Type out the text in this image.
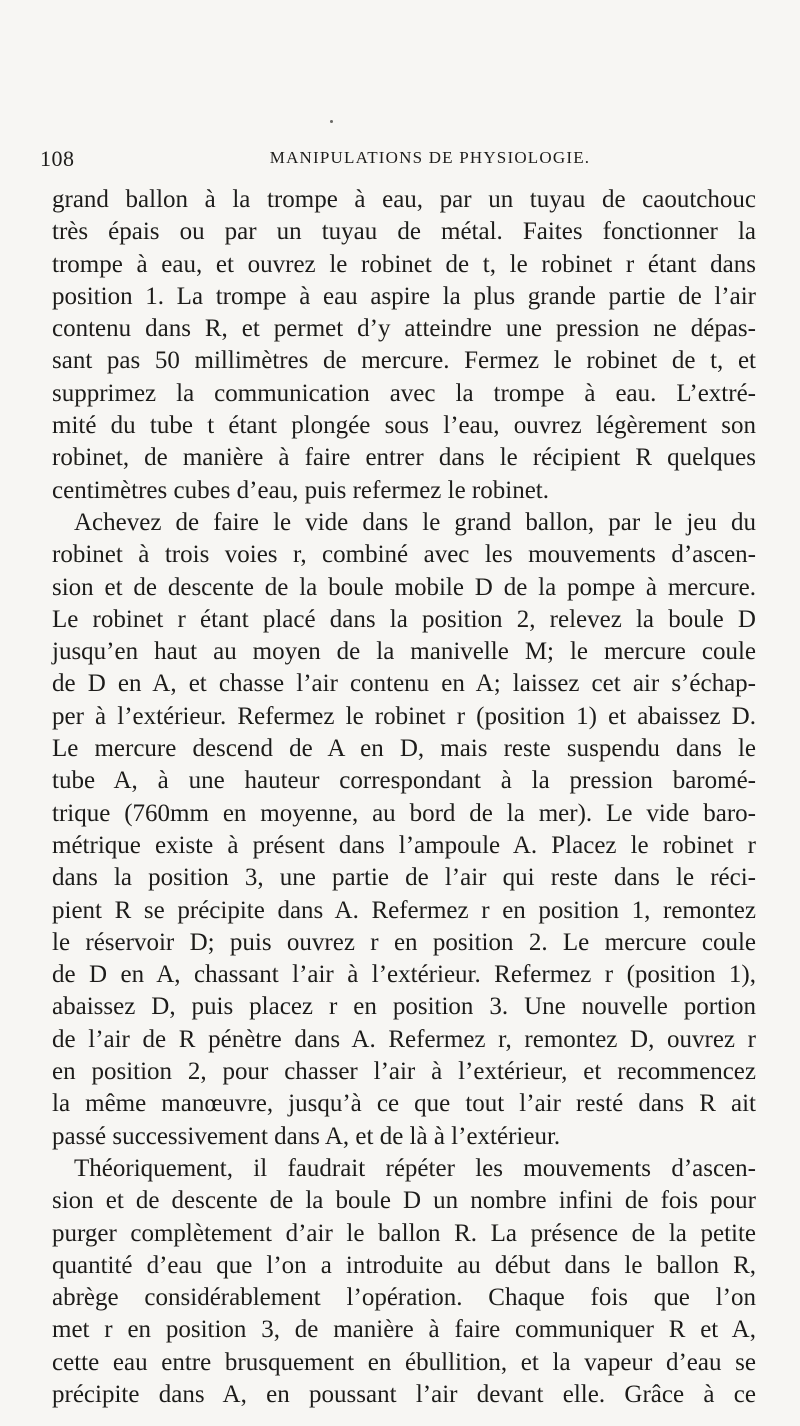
108	MANIPULATIONS DE PHYSIOLOGIE.
grand ballon à la trompe à eau, par un tuyau de caoutchouc
très épais ou par un tuyau de métal. Faites fonctionner la
trompe à eau, et ouvrez le robinet de t, le robinet r étant dans
position 1. La trompe à eau aspire la plus grande partie de l’air
contenu dans R, et permet d’y atteindre une pression ne dépas-
sant pas 50 millimètres de mercure. Fermez le robinet de t, et
supprimez la communication avec la trompe à eau. L’extré-
mité du tube t étant plongée sous l’eau, ouvrez légèrement son
robinet, de manière à faire entrer dans le récipient R quelques
centimètres cubes d’eau, puis refermez le robinet.
Achevez de faire le vide dans le grand ballon, par le jeu du
robinet à trois voies r, combiné avec les mouvements d’ascen-
sion et de descente de la boule mobile D de la pompe à mercure.
Le robinet r étant placé dans la position 2, relevez la boule D
jusqu’en haut au moyen de la manivelle M; le mercure coule
de D en A, et chasse l’air contenu en A; laissez cet air s’échap-
per à l’extérieur. Refermez le robinet r (position 1) et abaissez D.
Le mercure descend de A en D, mais reste suspendu dans le
tube A, à une hauteur correspondant à la pression baromé-
trique (760mm en moyenne, au bord de la mer). Le vide baro-
métrique existe à présent dans l’ampoule A. Placez le robinet r
dans la position 3, une partie de l’air qui reste dans le réci-
pient R se précipite dans A. Refermez r en position 1, remontez
le réservoir D; puis ouvrez r en position 2. Le mercure coule
de D en A, chassant l’air à l’extérieur. Refermez r (position 1),
abaissez D, puis placez r en position 3. Une nouvelle portion
de l’air de R pénètre dans A. Refermez r, remontez D, ouvrez r
en position 2, pour chasser l’air à l’extérieur, et recommencez
la même manœuvre, jusqu’à ce que tout l’air resté dans R ait
passé successivement dans A, et de là à l’extérieur.
Théoriquement, il faudrait répéter les mouvements d’ascen-
sion et de descente de la boule D un nombre infini de fois pour
purger complètement d’air le ballon R. La présence de la petite
quantité d’eau que l’on a introduite au début dans le ballon R,
abrège considérablement l’opération. Chaque fois que l’on
met r en position 3, de manière à faire communiquer R et A,
cette eau entre brusquement en ébullition, et la vapeur d’eau se
précipite dans A, en poussant l’air devant elle. Grâce à ce
